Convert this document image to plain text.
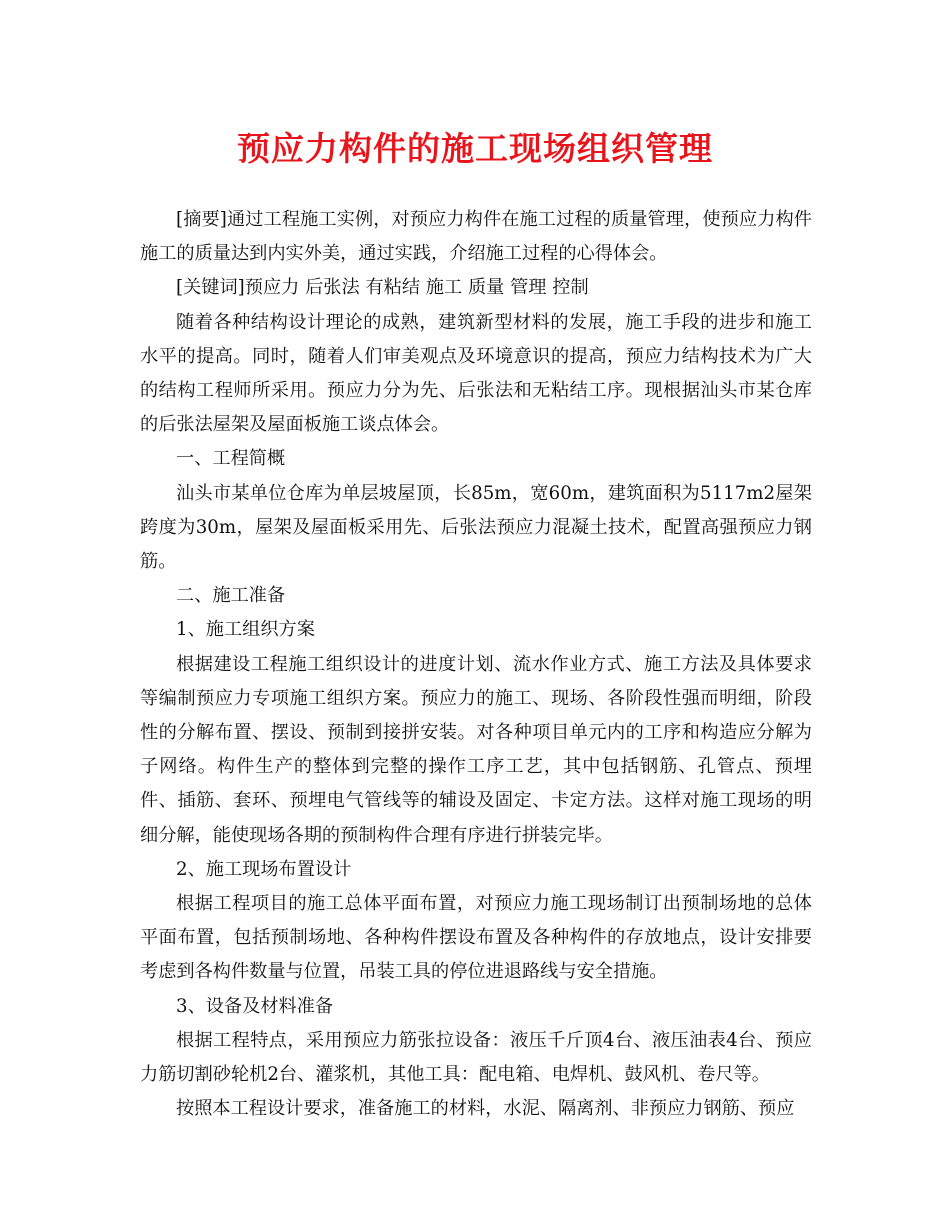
预应力构件的施工现场组织管理

[摘要]通过工程施工实例，对预应力构件在施工过程的质量管理，使预应力构件施工的质量达到内实外美，通过实践，介绍施工过程的心得体会。

[关键词]预应力 后张法 有粘结 施工 质量 管理 控制

随着各种结构设计理论的成熟，建筑新型材料的发展，施工手段的进步和施工水平的提高。同时，随着人们审美观点及环境意识的提高，预应力结构技术为广大的结构工程师所采用。预应力分为先、后张法和无粘结工序。现根据汕头市某仓库的后张法屋架及屋面板施工谈点体会。

一、工程简概

汕头市某单位仓库为单层坡屋顶，长85m，宽60m，建筑面积为5117m2屋架跨度为30m，屋架及屋面板采用先、后张法预应力混凝土技术，配置高强预应力钢筋。

二、施工准备

1、施工组织方案

根据建设工程施工组织设计的进度计划、流水作业方式、施工方法及具体要求等编制预应力专项施工组织方案。预应力的施工、现场、各阶段性强而明细，阶段性的分解布置、摆设、预制到接拼安装。对各种项目单元内的工序和构造应分解为子网络。构件生产的整体到完整的操作工序工艺，其中包括钢筋、孔管点、预埋件、插筋、套环、预埋电气管线等的辅设及固定、卡定方法。这样对施工现场的明细分解，能使现场各期的预制构件合理有序进行拼装完毕。

2、施工现场布置设计

根据工程项目的施工总体平面布置，对预应力施工现场制订出预制场地的总体平面布置，包括预制场地、各种构件摆设布置及各种构件的存放地点，设计安排要考虑到各构件数量与位置，吊装工具的停位进退路线与安全措施。

3、设备及材料准备

根据工程特点，采用预应力筋张拉设备：液压千斤顶4台、液压油表4台、预应力筋切割砂轮机2台、灌浆机，其他工具：配电箱、电焊机、鼓风机、卷尺等。

按照本工程设计要求，准备施工的材料，水泥、隔离剂、非预应力钢筋、预应
